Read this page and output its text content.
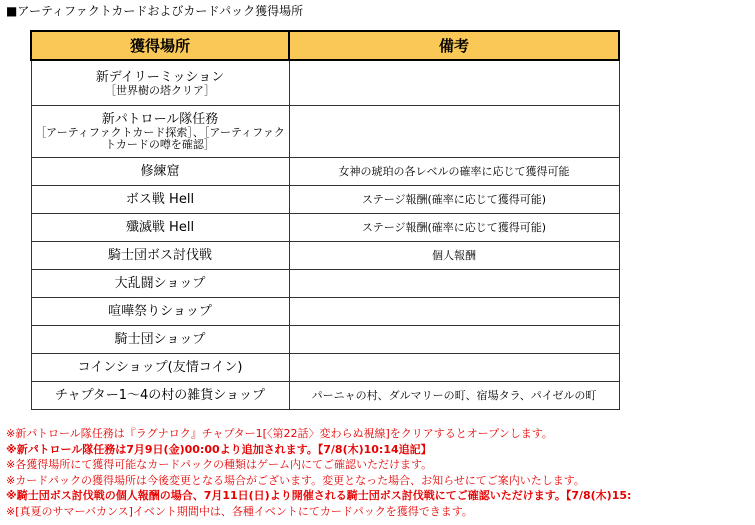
■アーティファクトカードおよびカードパック獲得場所
獲得場所	備考
新デイリーミッション
［世界樹の塔クリア］	

新パトロール隊任務
［アーティファクトカード探索］、［アーティファクトカードの噂を確認］	

修練窟	女神の琥珀の各レベルの確率に応じて獲得可能
ボス戦 Hell	ステージ報酬(確率に応じて獲得可能)
殲滅戦 Hell	ステージ報酬(確率に応じて獲得可能)
騎士団ボス討伐戦	個人報酬
大乱闘ショップ	
喧嘩祭りショップ	
騎士団ショップ	
コインショップ(友情コイン)	
チャプター1〜4の村の雑貨ショップ	パーニャの村、ダルマリーの町、宿場タラ、パイゼルの町
※新パトロール隊任務は『ラグナロク』チャプター1[〈第22話〉変わらぬ視線]をクリアするとオープンします。
※新パトロール隊任務は7月9日(金)00:00より追加されます。【7/8(木)10:14追記】
※各獲得場所にて獲得可能なカードパックの種類はゲーム内にてご確認いただけます。
※カードパックの獲得場所は今後変更となる場合がございます。変更となった場合、お知らせにてご案内いたします。
※騎士団ボス討伐戦の個人報酬の場合、7月11日(日)より開催される騎士団ボス討伐戦にてご確認いただけます。【7/8(木)15:
※[真夏のサマーバカンス]イベント期間中は、各種イベントにてカードパックを獲得できます。
